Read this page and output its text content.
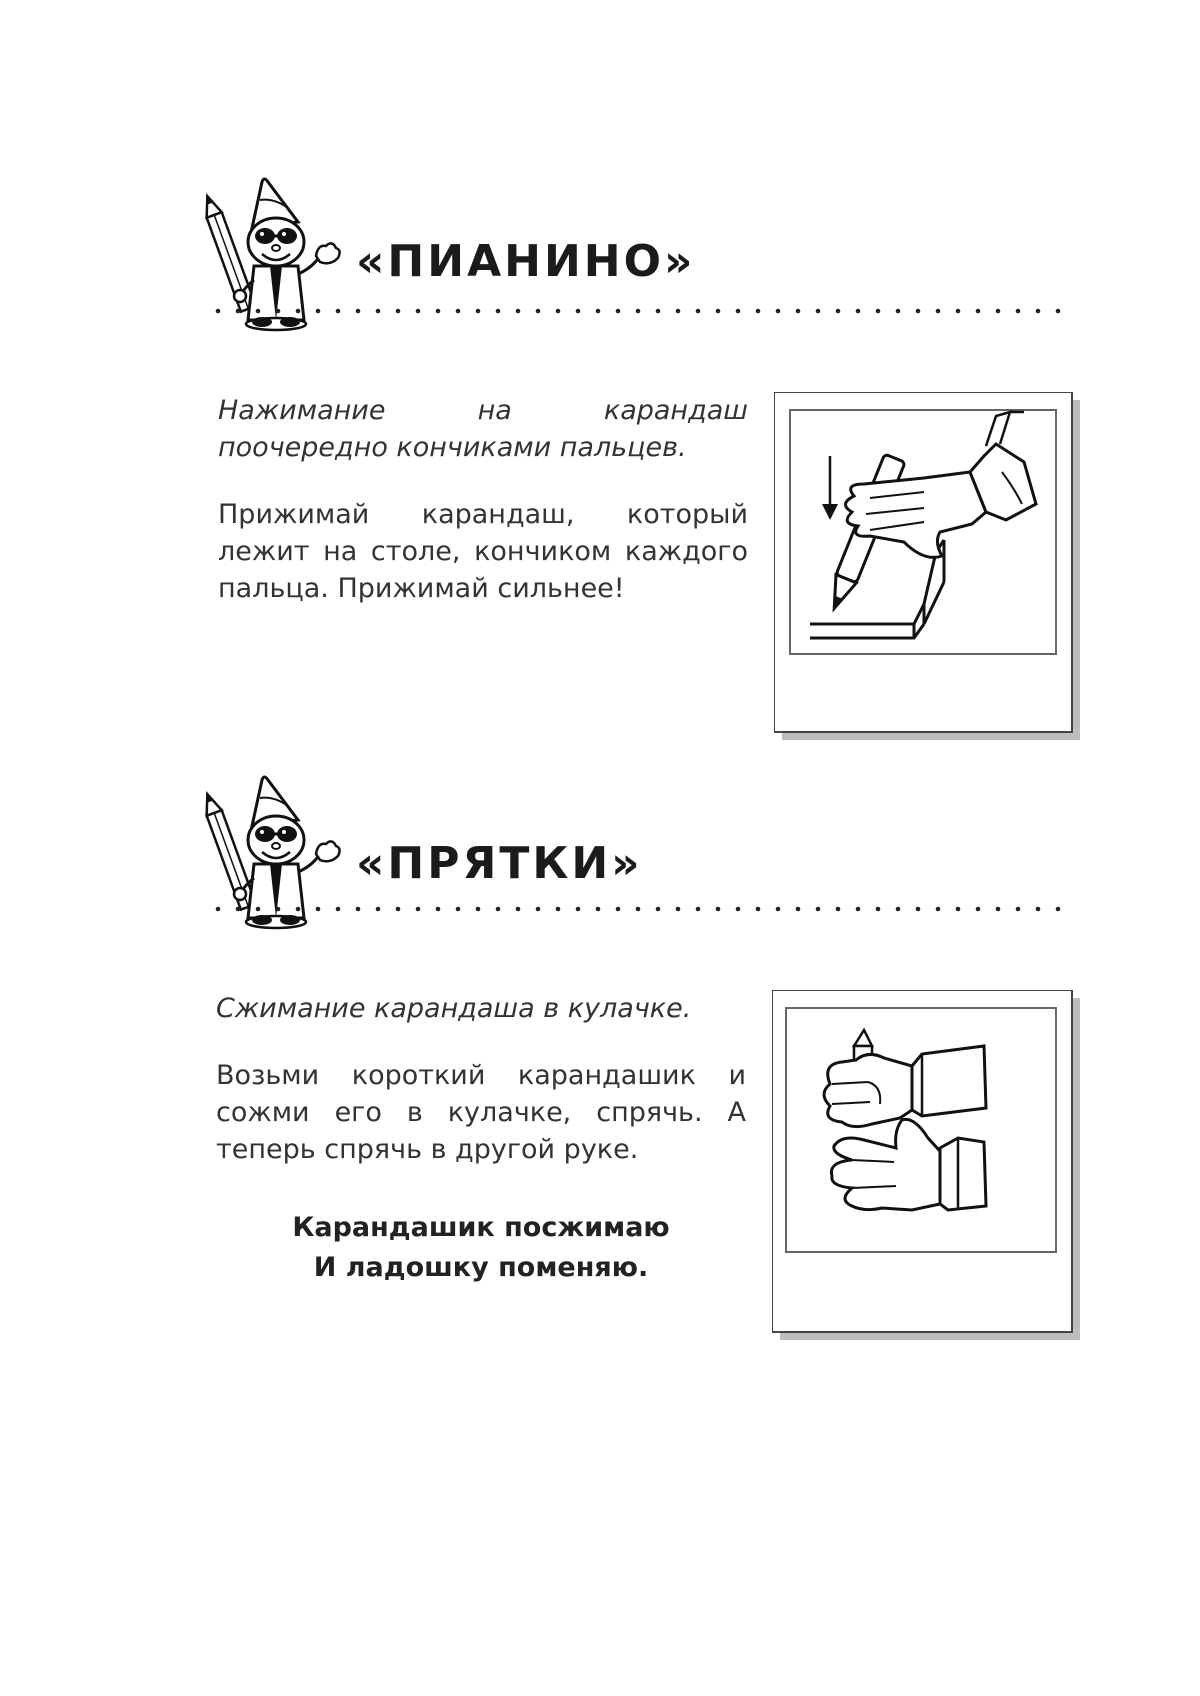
«ПИАНИНО»

Нажимание на карандаш поочередно кончиками пальцев.

Прижимай карандаш, который лежит на столе, кончиком каждого пальца. Прижимай сильнее!

«ПРЯТКИ»

Сжимание карандаша в кулачке.

Возьми короткий карандашик и сожми его в кулачке, спрячь. А теперь спрячь в другой руке.

Карандашик посжимаю
И ладошку поменяю.
